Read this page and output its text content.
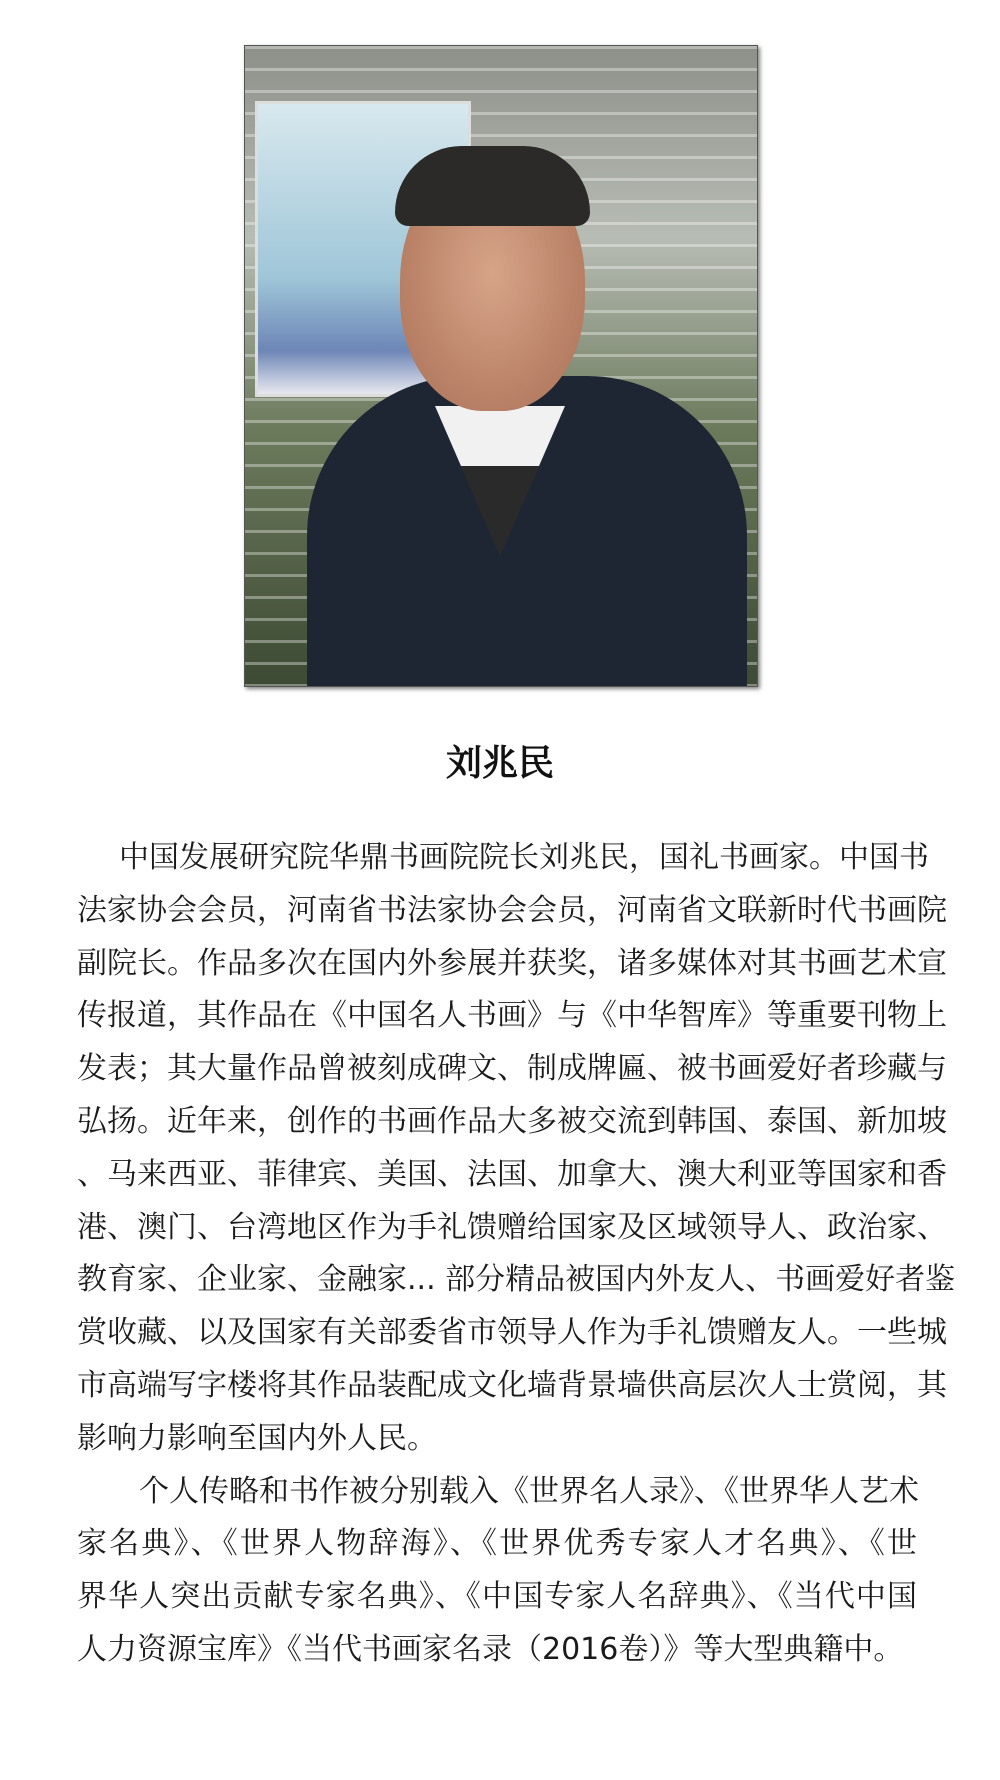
刘兆民
中国发展研究院华鼎书画院院长刘兆民，国礼书画家。中国书
法家协会会员，河南省书法家协会会员，河南省文联新时代书画院
副院长。作品多次在国内外参展并获奖，诸多媒体对其书画艺术宣
传报道，其作品在《中国名人书画》与《中华智库》等重要刊物上
发表；其大量作品曾被刻成碑文、制成牌匾、被书画爱好者珍藏与
弘扬。近年来，创作的书画作品大多被交流到韩国、泰国、新加坡
、马来西亚、菲律宾、美国、法国、加拿大、澳大利亚等国家和香
港、澳门、台湾地区作为手礼馈赠给国家及区域领导人、政治家、
教育家、企业家、金融家... 部分精品被国内外友人、书画爱好者鉴
赏收藏、以及国家有关部委省市领导人作为手礼馈赠友人。一些城
市高端写字楼将其作品装配成文化墙背景墙供高层次人士赏阅，其
影响力影响至国内外人民。
个人传略和书作被分别载入《世界名人录》、《世界华人艺术
家名典》、《世界人物辞海》、《世界优秀专家人才名典》、《世
界华人突出贡献专家名典》、《中国专家人名辞典》、《当代中国
人力资源宝库》《当代书画家名录（2016卷）》等大型典籍中。
